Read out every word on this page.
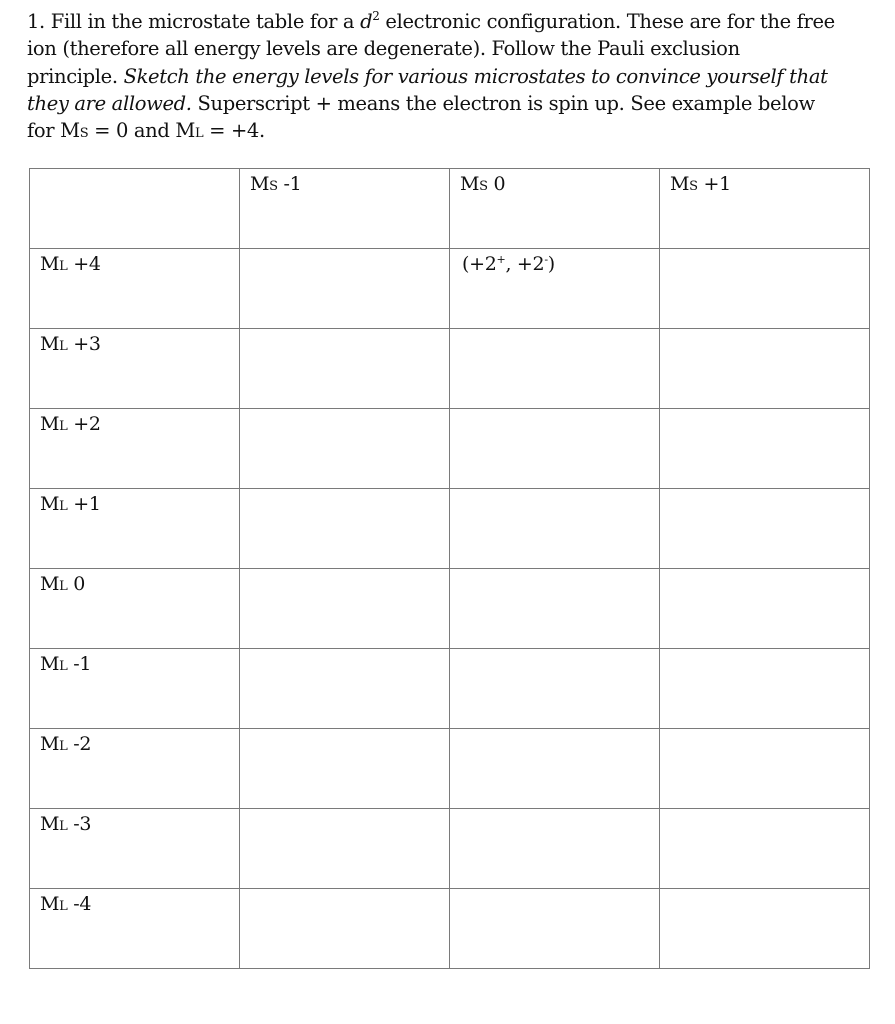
1. Fill in the microstate table for a $d^2$ electronic configuration. These are for the free
ion (therefore all energy levels are degenerate). Follow the Pauli exclusion
principle. Sketch the energy levels for various microstates to convince yourself that
they are allowed. Superscript + means the electron is spin up. See example below
for MS = 0 and ML = +4.
	MS -1	MS 0	MS +1
ML +4		(+2+, +2-)	
ML +3			
ML +2			
ML +1			
ML 0			
ML -1			
ML -2			
ML -3			
ML -4			
